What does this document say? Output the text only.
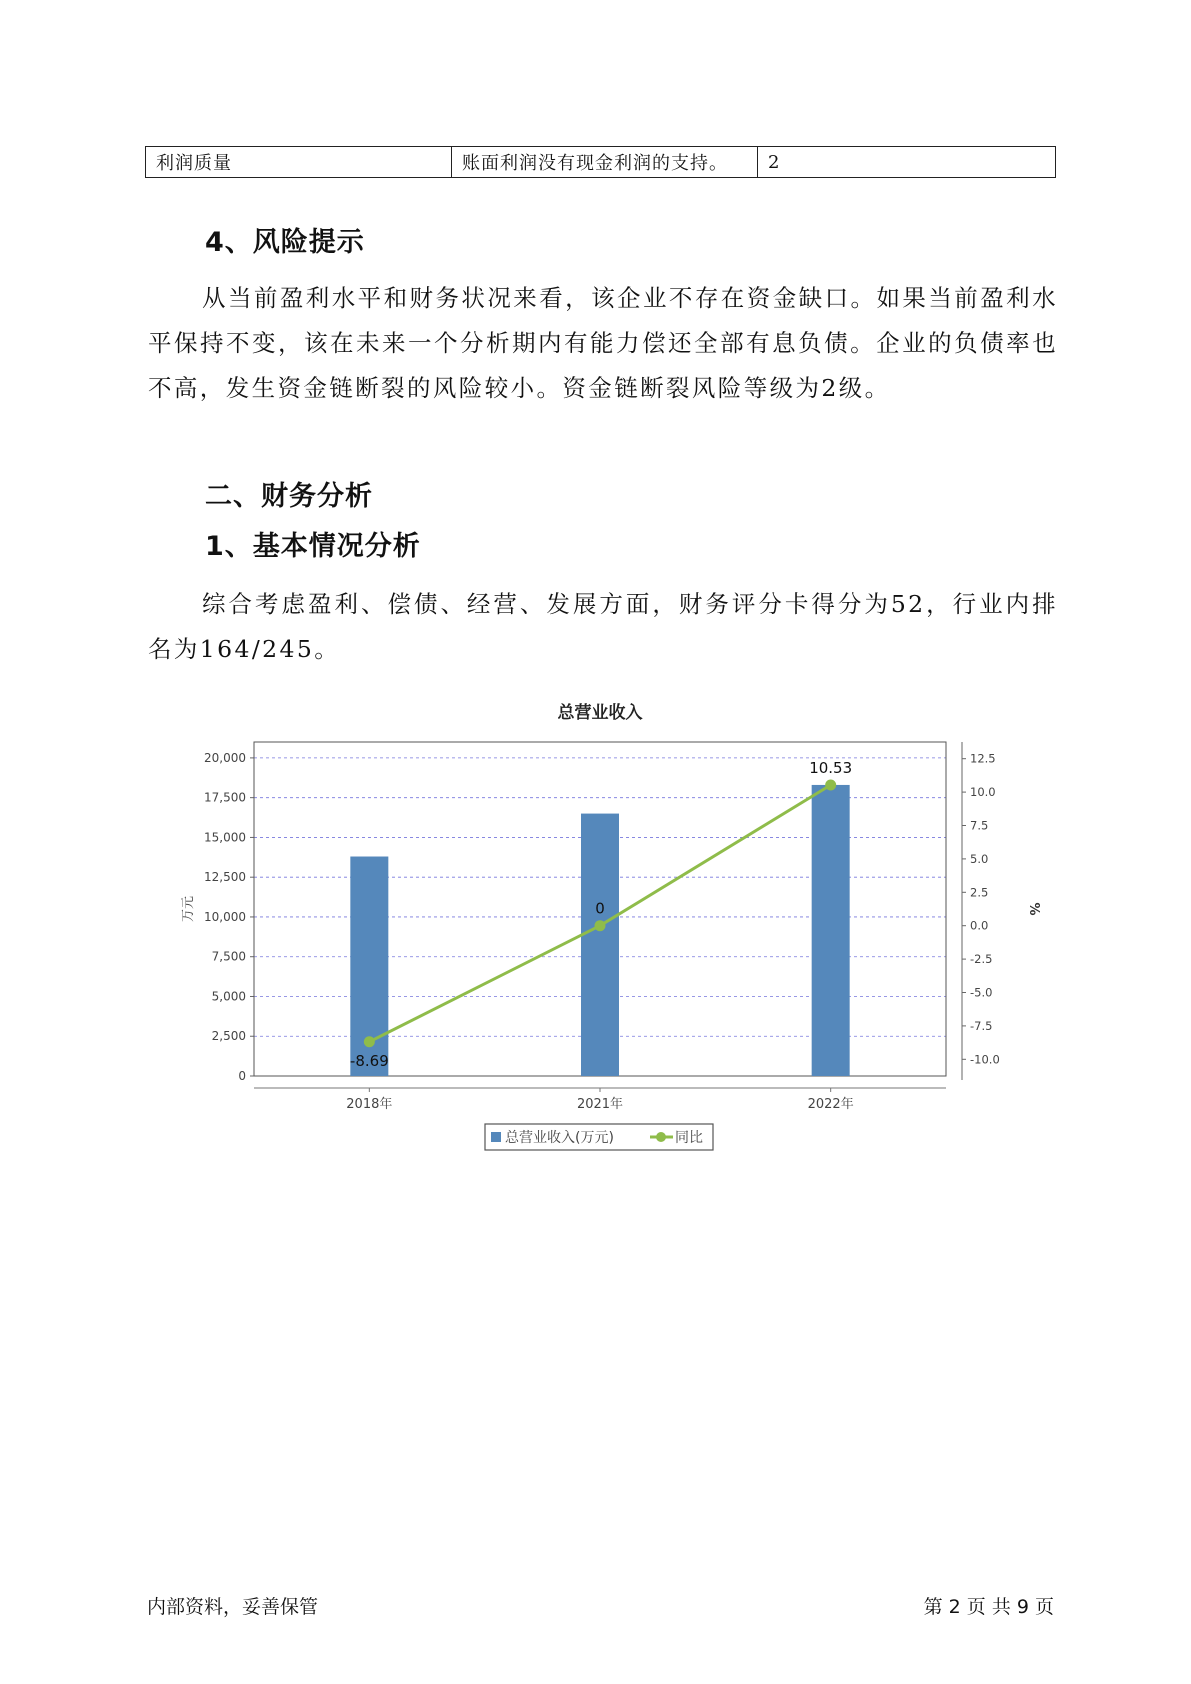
利润质量	账面利润没有现金利润的支持。	2
4、风险提示

从当前盈利水平和财务状况来看，该企业不存在资金缺口。如果当前盈利水平保持不变，该在未来一个分析期内有能力偿还全部有息负债。企业的负债率也不高，发生资金链断裂的风险较小。资金链断裂风险等级为2级。

二、财务分析
1、基本情况分析

综合考虑盈利、偿债、经营、发展方面，财务评分卡得分为52，行业内排名为164/245。

总营业收入
0
2,500
5,000
7,500
10,000
12,500
15,000
17,500
20,000
-10.0
-7.5
-5.0
-2.5
0.0
2.5
5.0
7.5
10.0
12.5
2018年	2021年	2022年
-8.69
0
10.53
万元	%
总营业收入(万元)	同比
内部资料，妥善保管	第 2 页 共 9 页
